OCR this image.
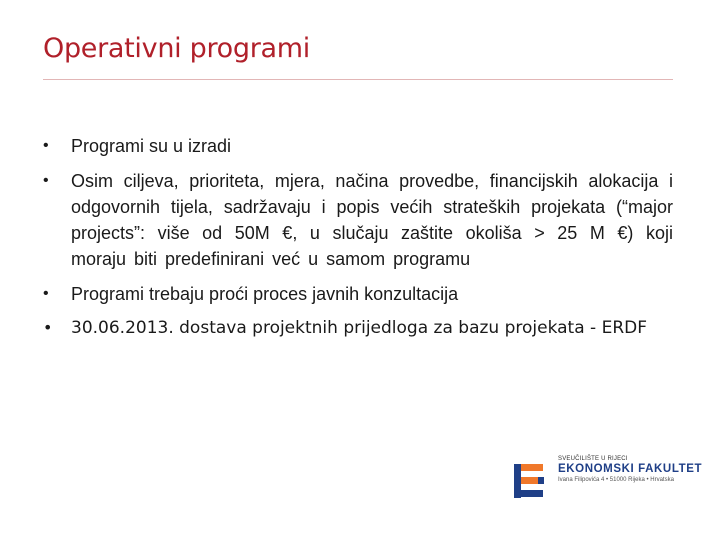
Operativni programi
•	Programi su u izradi
•	Osim ciljeva, prioriteta, mjera, načina provedbe, financijskih alokacija i odgovornih tijela, sadržavaju i popis većih strateških projekata (“major projects”: više od 50M €, u slučaju zaštite okoliša > 25 M €) koji moraju biti predefinirani već u samom programu
•	Programi trebaju proći proces javnih konzultacija
•	30.06.2013. dostava projektnih prijedloga za bazu projekata - ERDF
SVEUČILIŠTE U RIJECI
EKONOMSKI FAKULTET
Ivana Filipovića 4 • 51000 Rijeka • Hrvatska
